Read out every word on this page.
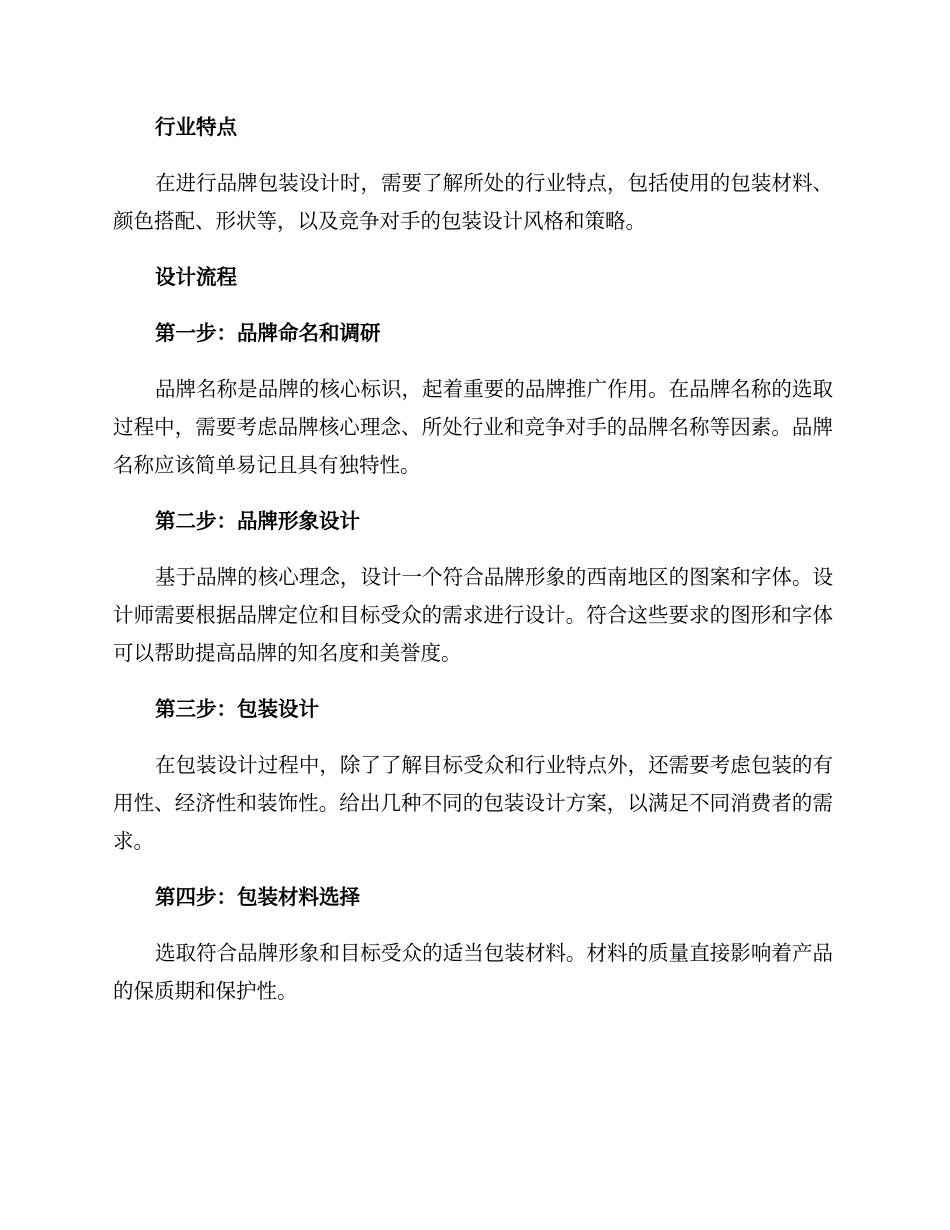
行业特点
在进行品牌包装设计时，需要了解所处的行业特点，包括使用的包装材料、颜色搭配、形状等，以及竞争对手的包装设计风格和策略。
设计流程
第一步：品牌命名和调研
品牌名称是品牌的核心标识，起着重要的品牌推广作用。在品牌名称的选取过程中，需要考虑品牌核心理念、所处行业和竞争对手的品牌名称等因素。品牌名称应该简单易记且具有独特性。
第二步：品牌形象设计
基于品牌的核心理念，设计一个符合品牌形象的西南地区的图案和字体。设计师需要根据品牌定位和目标受众的需求进行设计。符合这些要求的图形和字体可以帮助提高品牌的知名度和美誉度。
第三步：包装设计
在包装设计过程中，除了了解目标受众和行业特点外，还需要考虑包装的有用性、经济性和装饰性。给出几种不同的包装设计方案，以满足不同消费者的需求。
第四步：包装材料选择
选取符合品牌形象和目标受众的适当包装材料。材料的质量直接影响着产品的保质期和保护性。
